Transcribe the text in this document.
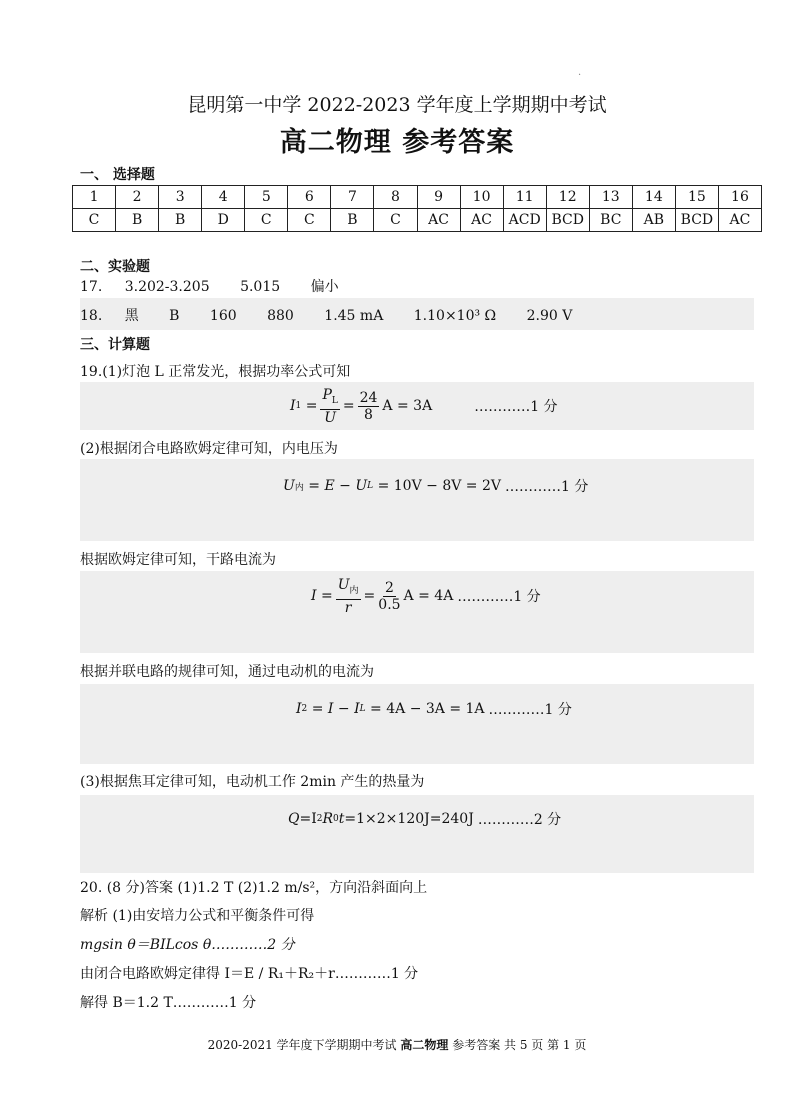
·
昆明第一中学 2022-2023 学年度上学期期中考试
高二物理 参考答案
一、 选择题
1	2	3	4	5	6	7	8	9	10	11	12	13	14	15	16
C	B	B	D	C	C	B	C	AC	AC	ACD	BCD	BC	AB	BCD	AC
二、实验题
17. 3.202-3.205 5.015 偏小
18. 黑 B 160 880 1.45 mA 1.10×10³ Ω 2.90 V
三、计算题
19.(1)灯泡 L 正常发光，根据功率公式可知
I $1 = \frac{P_L}{U} = \frac{24}{8}$ A = 3A	…………1 分
(2)根据闭合电路欧姆定律可知，内电压为
U 内 = E − U L
= 10V − 8V = 2V …………1 分
根据欧姆定律可知，干路电流为
$I = \frac{U_内}{r} = \frac{2}{0.5}$ A = 4A …………1 分
根据并联电路的规律可知，通过电动机的电流为
I 2 = I − I L
= 4A − 3A = 1A …………1 分
(3)根据焦耳定律可知，电动机工作 2min 产生的热量为
Q =I 2 R 0 t =1×2×120J=240J …………2 分
20. (8 分)答案 (1)1.2 T (2)1.2 m/s²，方向沿斜面向上
解析 (1)由安培力公式和平衡条件可得
mgsin θ＝BILcos θ…………2 分
由闭合电路欧姆定律得 I＝E / R₁＋R₂＋r…………1 分
解得 B＝1.2 T…………1 分
2020-2021 学年度下学期期中考试 高二物理 参考答案 共 5 页 第 1 页
